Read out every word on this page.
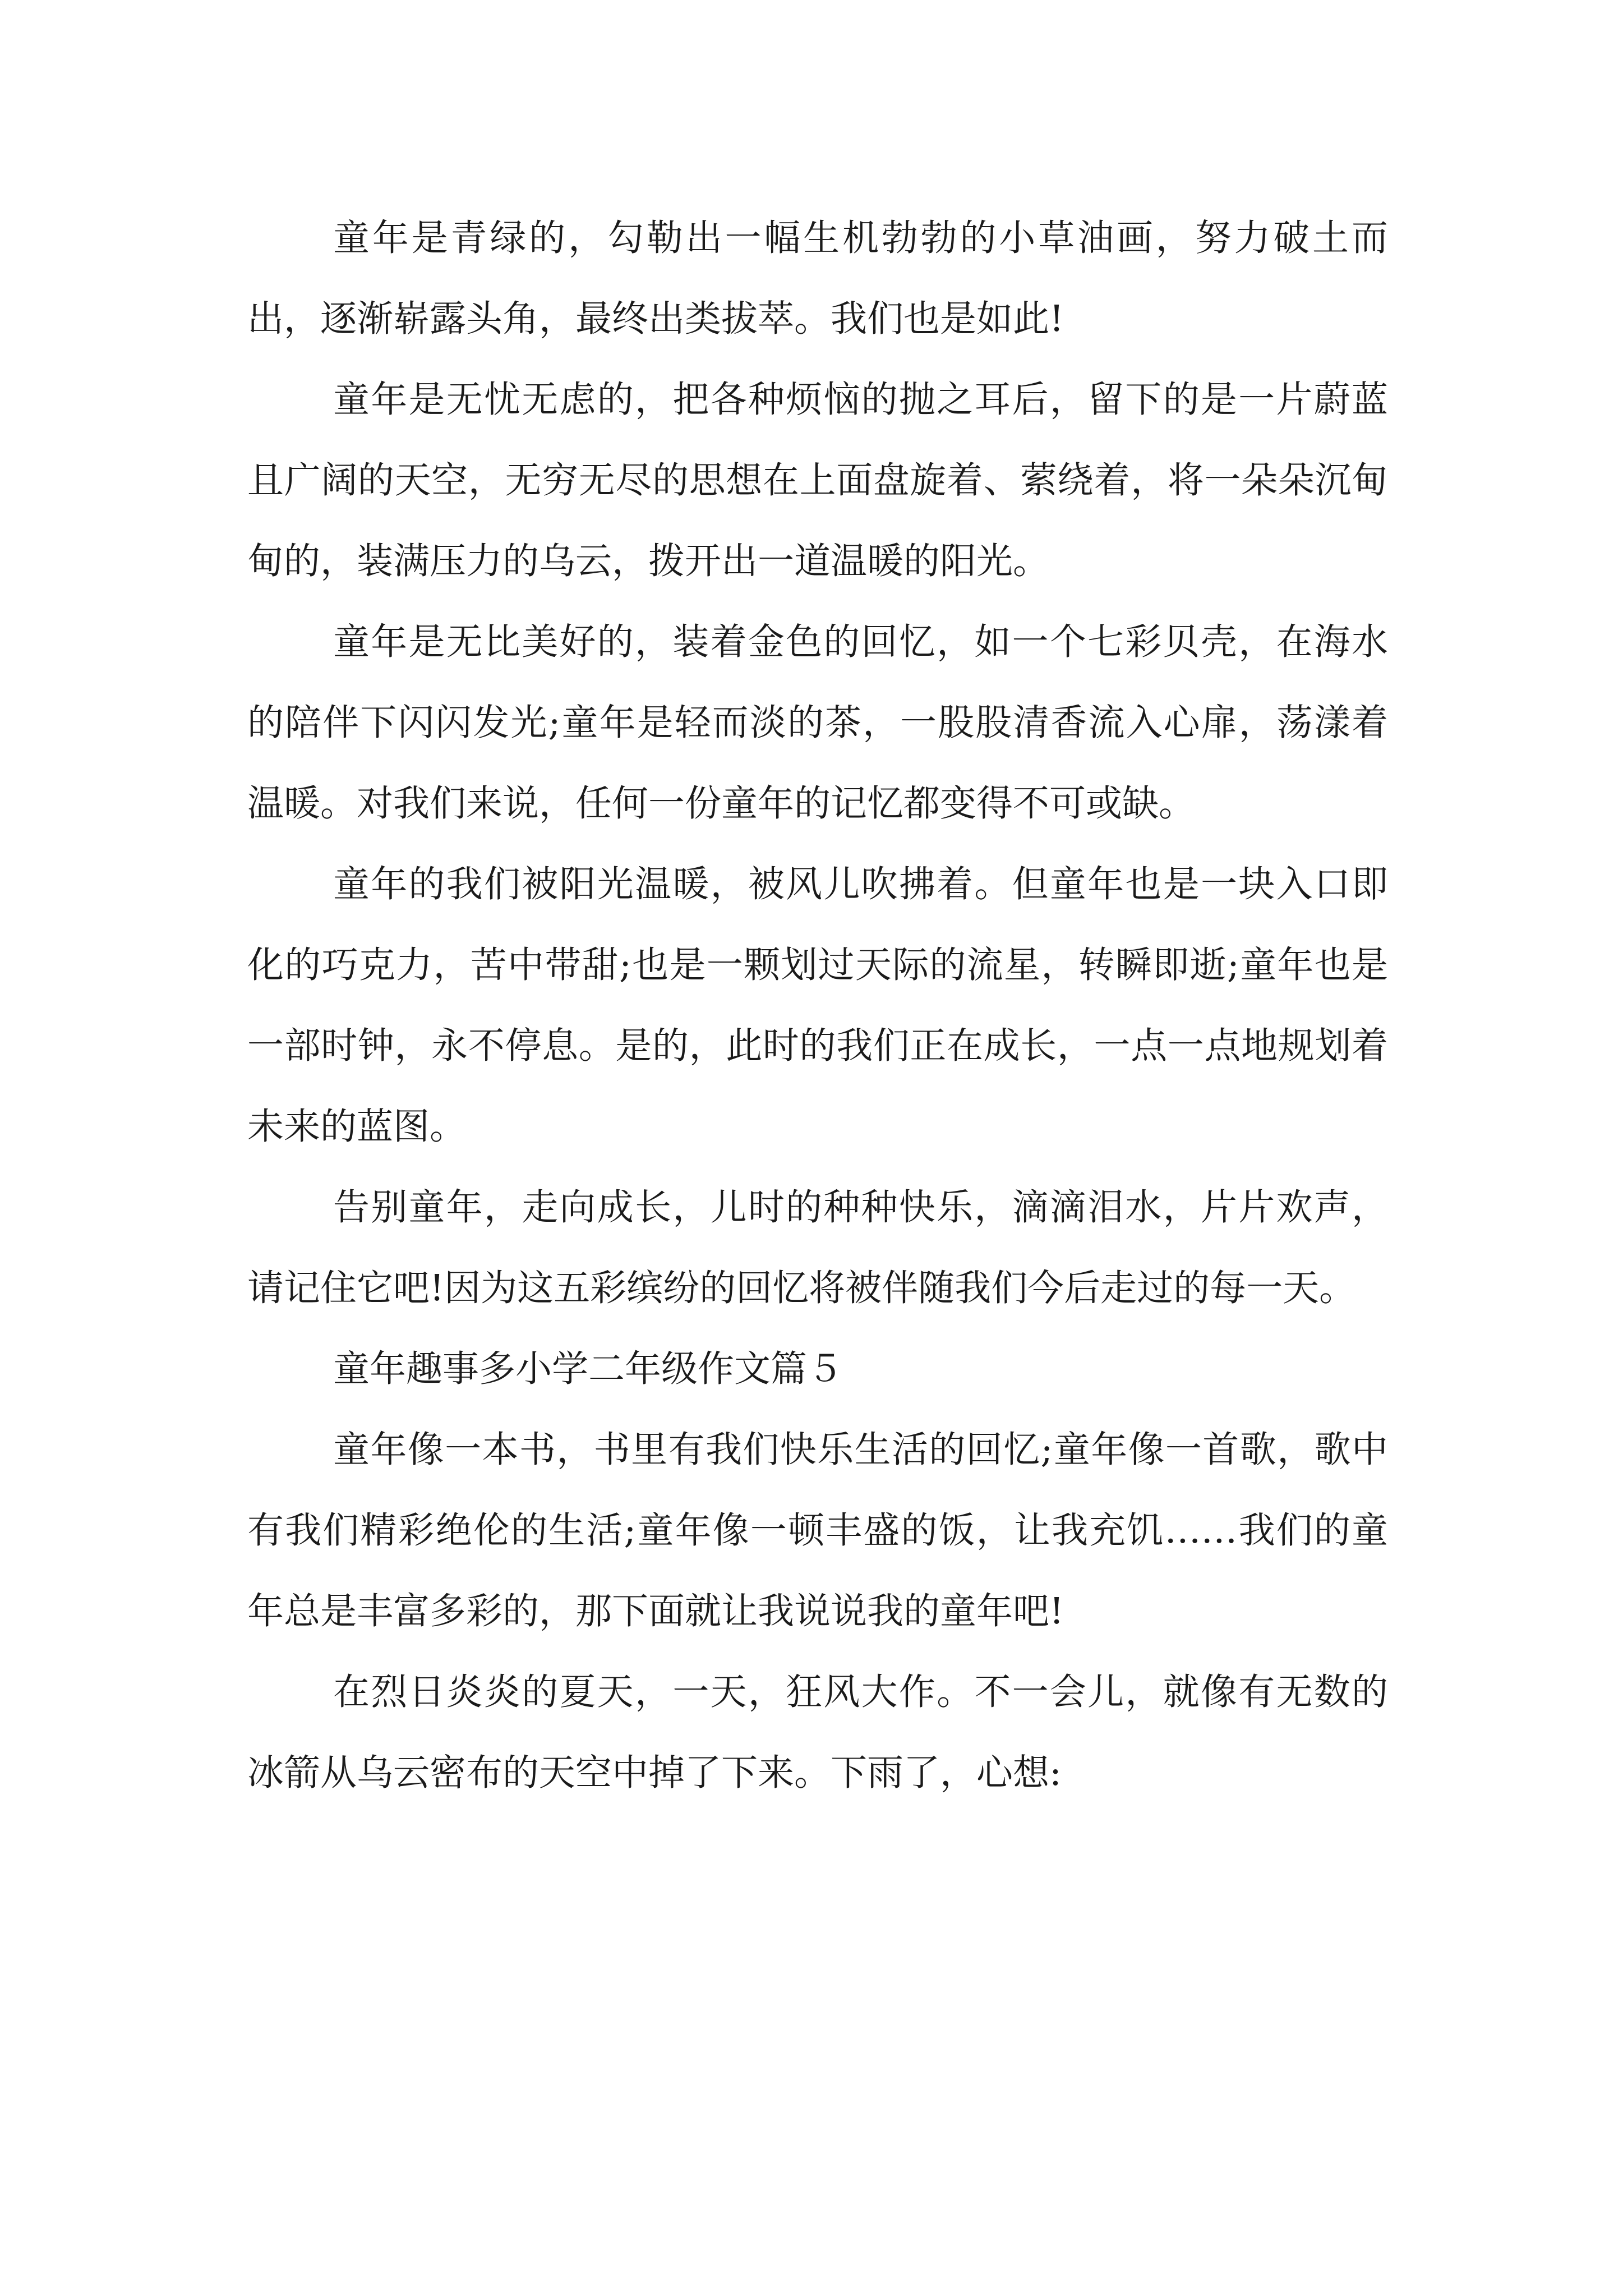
童年是青绿的，勾勒出一幅生机勃勃的小草油画，努力破土而出，逐渐崭露头角，最终出类拔萃。我们也是如此!

童年是无忧无虑的，把各种烦恼的抛之耳后，留下的是一片蔚蓝且广阔的天空，无穷无尽的思想在上面盘旋着、萦绕着，将一朵朵沉甸甸的，装满压力的乌云，拨开出一道温暖的阳光。

童年是无比美好的，装着金色的回忆，如一个七彩贝壳，在海水的陪伴下闪闪发光;童年是轻而淡的茶，一股股清香流入心扉，荡漾着温暖。对我们来说，任何一份童年的记忆都变得不可或缺。

童年的我们被阳光温暖，被风儿吹拂着。但童年也是一块入口即化的巧克力，苦中带甜;也是一颗划过天际的流星，转瞬即逝;童年也是一部时钟，永不停息。是的，此时的我们正在成长，一点一点地规划着未来的蓝图。

告别童年，走向成长，儿时的种种快乐，滴滴泪水，片片欢声，请记住它吧!因为这五彩缤纷的回忆将被伴随我们今后走过的每一天。

童年趣事多小学二年级作文篇５

童年像一本书，书里有我们快乐生活的回忆;童年像一首歌，歌中有我们精彩绝伦的生活;童年像一顿丰盛的饭，让我充饥……我们的童年总是丰富多彩的，那下面就让我说说我的童年吧!

在烈日炎炎的夏天，一天，狂风大作。不一会儿，就像有无数的冰箭从乌云密布的天空中掉了下来。下雨了，心想:
